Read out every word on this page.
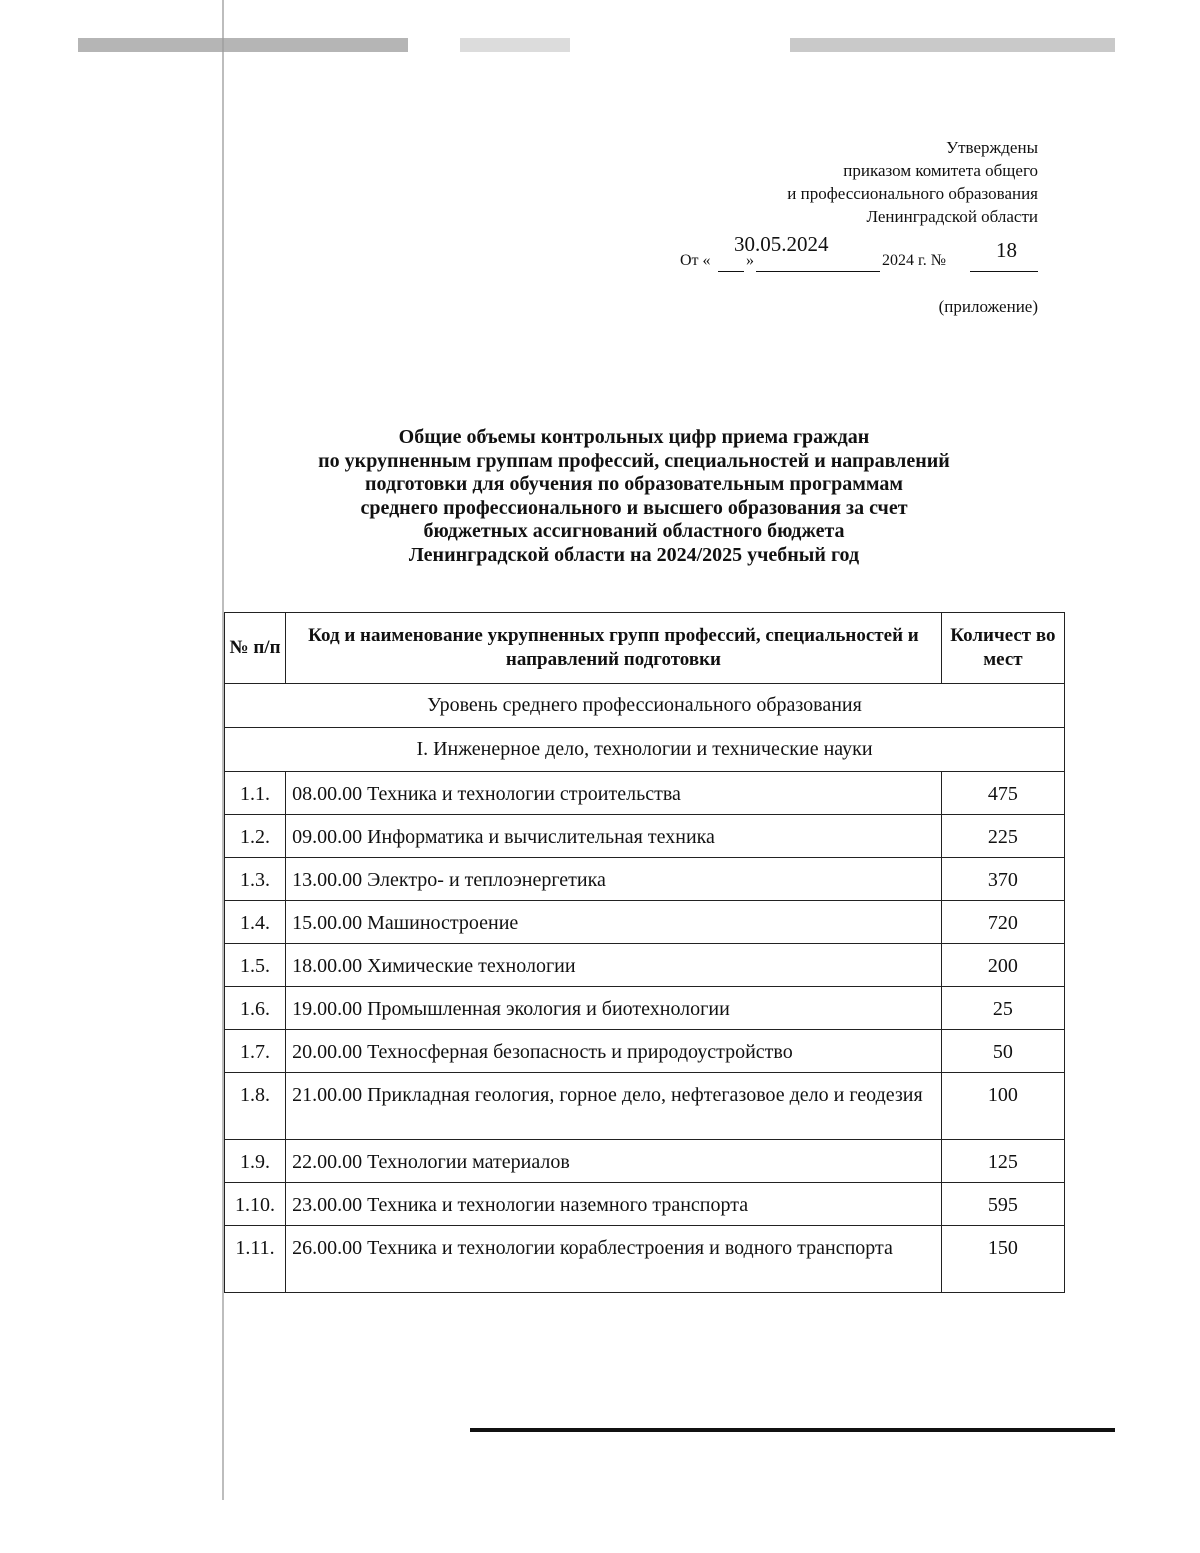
Утверждены
приказом комитета общего
и профессионального образования
Ленинградской области
От « »
30.05.2024
2024 г. № 18
(приложение)
Общие объемы контрольных цифр приема граждан
по укрупненным группам профессий, специальностей и направлений
подготовки для обучения по образовательным программам
среднего профессионального и высшего образования за счет
бюджетных ассигнований областного бюджета
Ленинградской области на 2024/2025 учебный год
№ п/п	Код и наименование укрупненных групп профессий, специальностей и направлений подготовки	Количест во мест
Уровень среднего профессионального образования		
I. Инженерное дело, технологии и технические науки		
1.1.	08.00.00 Техника и технологии строительства	475
1.2.	09.00.00 Информатика и вычислительная техника	225
1.3.	13.00.00 Электро- и теплоэнергетика	370
1.4.	15.00.00 Машиностроение	720
1.5.	18.00.00 Химические технологии	200
1.6.	19.00.00 Промышленная экология и биотехнологии	25
1.7.	20.00.00 Техносферная безопасность и природоустройство	50
1.8.	21.00.00 Прикладная геология, горное дело, нефтегазовое дело и геодезия	100
1.9.	22.00.00 Технологии материалов	125
1.10.	23.00.00 Техника и технологии наземного транспорта	595
1.11.	26.00.00 Техника и технологии кораблестроения и водного транспорта	150
